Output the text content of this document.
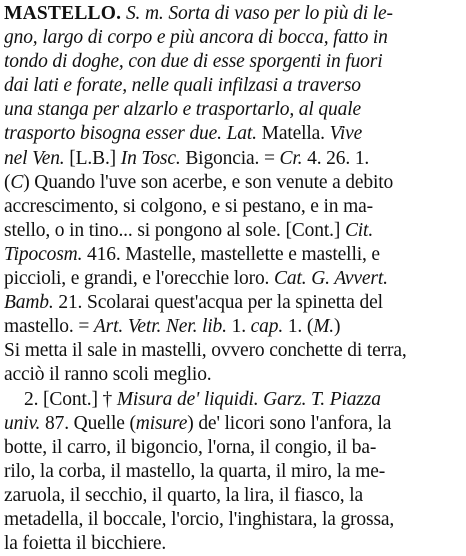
MASTELLO. S. m. Sorta di vaso per lo più di le-
gno, largo di corpo e più ancora di bocca, fatto in
tondo di doghe, con due di esse sporgenti in fuori
dai lati e forate, nelle quali infilzasi a traverso
una stanga per alzarlo e trasportarlo, al quale
trasporto bisogna esser due. Lat. Matella. Vive
nel Ven. [L.B.] In Tosc. Bigoncia. = Cr. 4. 26. 1.
(C) Quando l'uve son acerbe, e son venute a debito
accrescimento, si colgono, e si pestano, e in ma-
stello, o in tino... si pongono al sole. [Cont.] Cit.
Tipocosm. 416. Mastelle, mastellette e mastelli, e
piccioli, e grandi, e l'orecchie loro. Cat. G. Avvert.
Bamb. 21. Scolarai quest'acqua per la spinetta del
mastello. = Art. Vetr. Ner. lib. 1. cap. 1. (M.)
Si metta il sale in mastelli, ovvero conchette di terra,
acciò il ranno scoli meglio.
2. [Cont.] † Misura de' liquidi. Garz. T. Piazza
univ. 87. Quelle (misure) de' licori sono l'anfora, la
botte, il carro, il bigoncio, l'orna, il congio, il ba-
rilo, la corba, il mastello, la quarta, il miro, la me-
zaruola, il secchio, il quarto, la lira, il fiasco, la
metadella, il boccale, l'orcio, l'inghistara, la grossa,
la foietta il bicchiere.
